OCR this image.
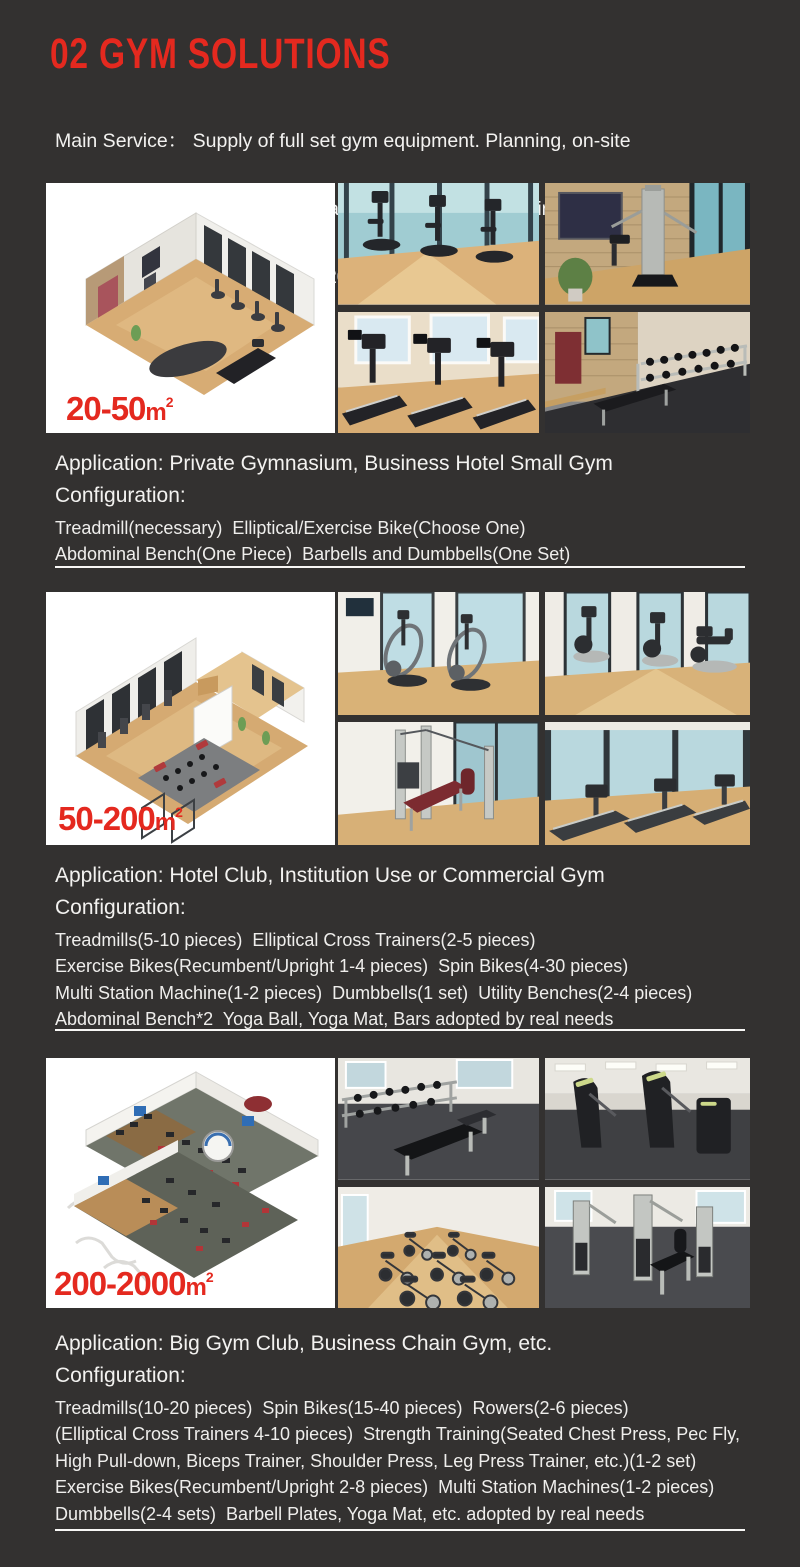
02 GYM SOLUTIONS

Main Service： Supply of full set gym equipment. Planning, on-site

using

20-50m2
Application: Private Gymnasium, Business Hotel Small Gym
Configuration:
Treadmill(necessary)  Elliptical/Exercise Bike(Choose One)
Abdominal Bench(One Piece)  Barbells and Dumbbells(One Set)
50-200m2
Application: Hotel Club, Institution Use or Commercial Gym
Configuration:
Treadmills(5-10 pieces)  Elliptical Cross Trainers(2-5 pieces)
Exercise Bikes(Recumbent/Upright 1-4 pieces)  Spin Bikes(4-30 pieces)
Multi Station Machine(1-2 pieces)  Dumbbells(1 set)  Utility Benches(2-4 pieces)
Abdominal Bench*2  Yoga Ball, Yoga Mat, Bars adopted by real needs
200-2000m2
Application: Big Gym Club, Business Chain Gym, etc.
Configuration:
Treadmills(10-20 pieces)  Spin Bikes(15-40 pieces)  Rowers(2-6 pieces)
(Elliptical Cross Trainers 4-10 pieces)  Strength Training(Seated Chest Press, Pec Fly,
High Pull-down, Biceps Trainer, Shoulder Press, Leg Press Trainer, etc.)(1-2 set)
Exercise Bikes(Recumbent/Upright 2-8 pieces)  Multi Station Machines(1-2 pieces)
Dumbbells(2-4 sets)  Barbell Plates, Yoga Mat, etc. adopted by real needs
